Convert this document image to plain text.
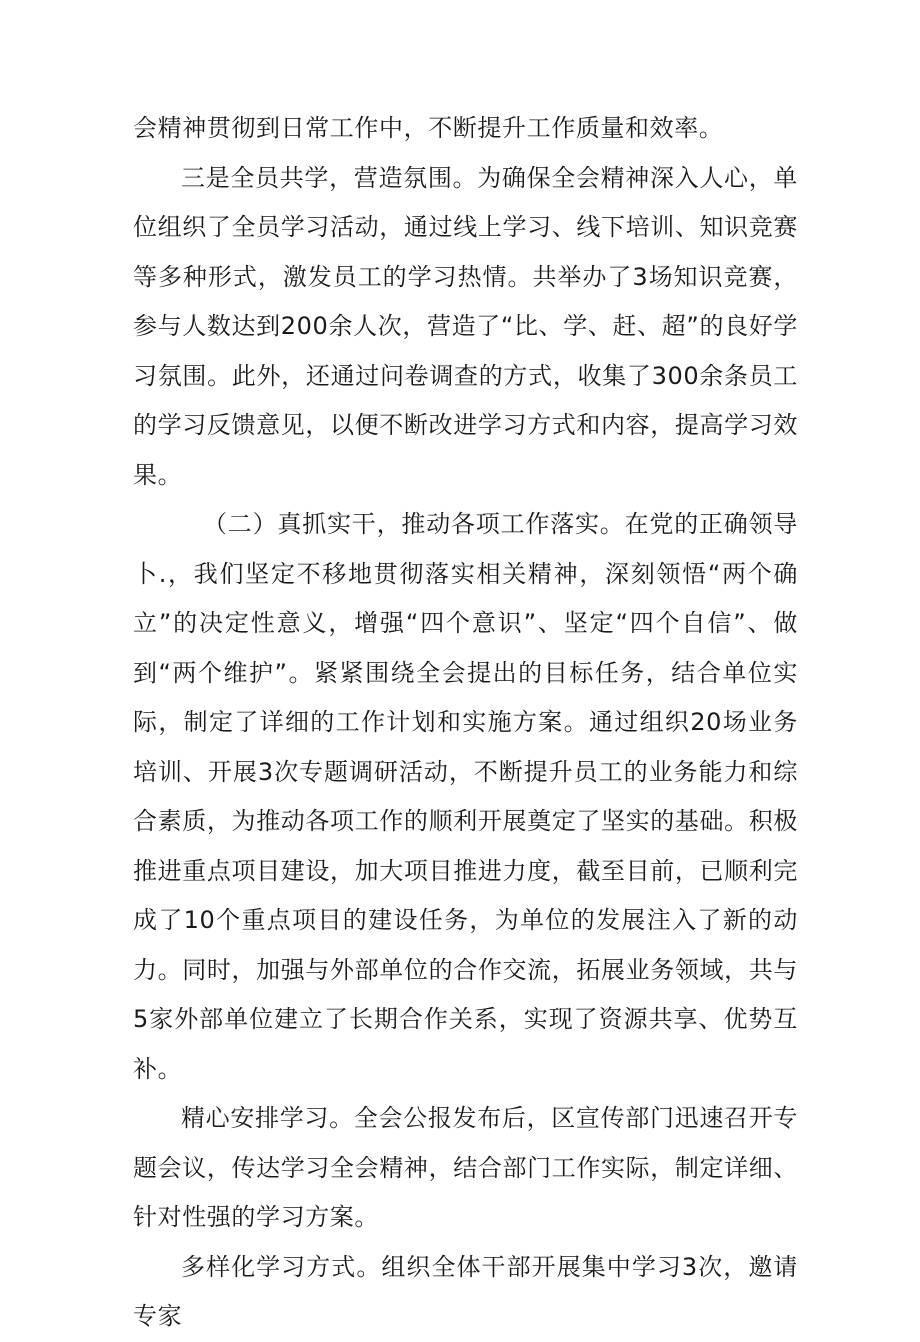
会精神贯彻到日常工作中，不断提升工作质量和效率。

三是全员共学，营造氛围。为确保全会精神深入人心，单位组织了全员学习活动，通过线上学习、线下培训、知识竞赛等多种形式，激发员工的学习热情。共举办了3场知识竞赛，参与人数达到200余人次，营造了“比、学、赶、超”的良好学习氛围。此外，还通过问卷调查的方式，收集了300余条员工的学习反馈意见，以便不断改进学习方式和内容，提高学习效果。

（二）真抓实干，推动各项工作落实。在党的正确领导卜.，我们坚定不移地贯彻落实相关精神，深刻领悟“两个确立”的决定性意义，增强“四个意识”、坚定“四个自信”、做到“两个维护”。紧紧围绕全会提出的目标任务，结合单位实际，制定了详细的工作计划和实施方案。通过组织20场业务培训、开展3次专题调研活动，不断提升员工的业务能力和综合素质，为推动各项工作的顺利开展奠定了坚实的基础。积极推进重点项目建设，加大项目推进力度，截至目前，已顺利完成了10个重点项目的建设任务，为单位的发展注入了新的动力。同时，加强与外部单位的合作交流，拓展业务领域，共与5家外部单位建立了长期合作关系，实现了资源共享、优势互补。

精心安排学习。全会公报发布后，区宣传部门迅速召开专题会议，传达学习全会精神，结合部门工作实际，制定详细、针对性强的学习方案。

多样化学习方式。组织全体干部开展集中学习3次，邀请专家
